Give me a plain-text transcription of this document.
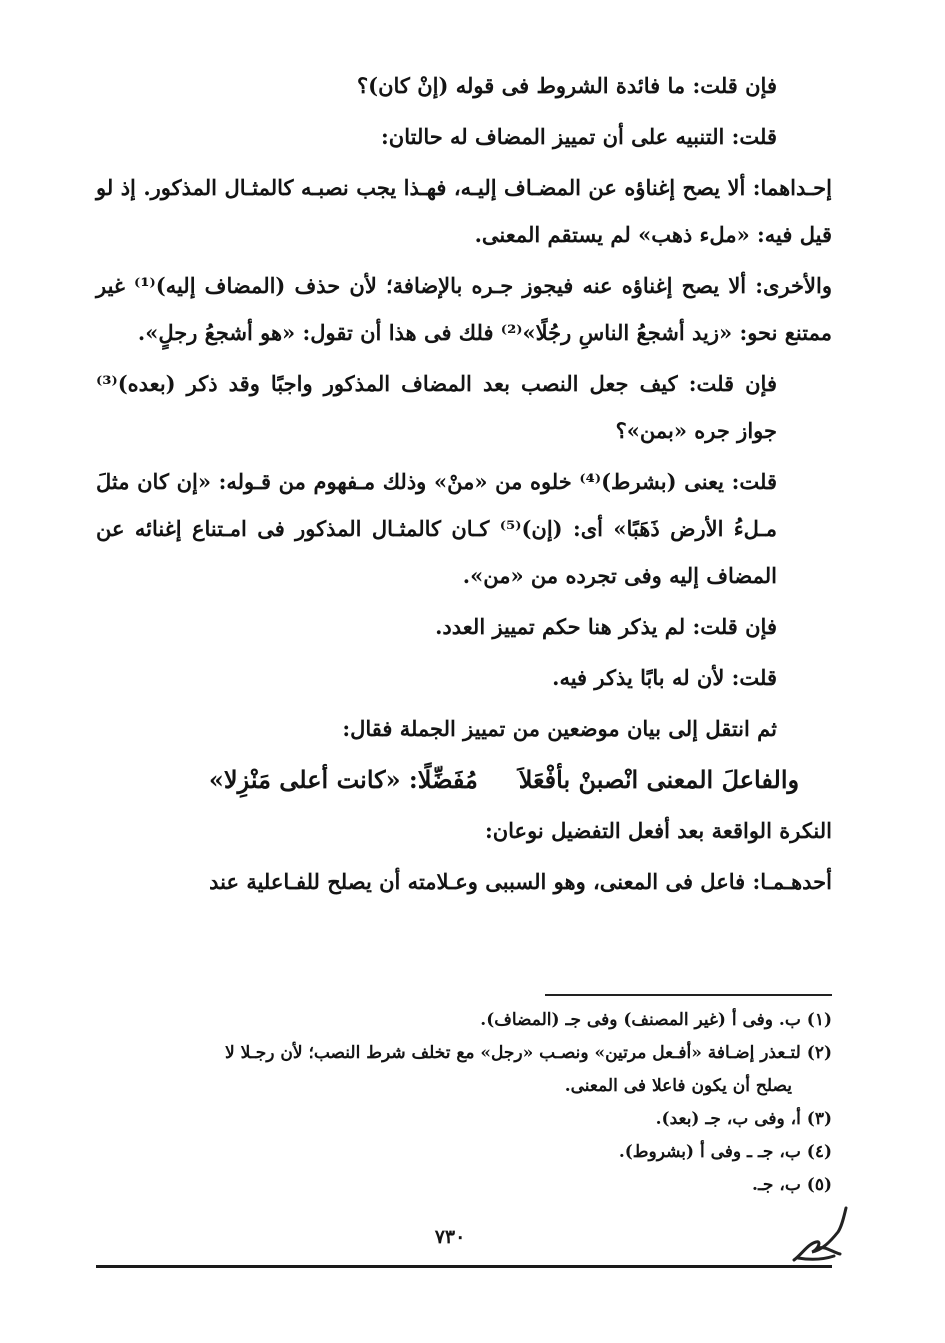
فإن قلت: ما فائدة الشروط فى قوله (إنْ كان)؟

قلت: التنبيه على أن تمييز المضاف له حالتان:

إحـداهما: ألا يصح إغناؤه عن المضـاف إليـه، فهـذا يجب نصبـه كالمثـال المذكور. إذ لو قيل فيه: «ملء ذهب» لم يستقم المعنى.

والأخرى: ألا يصح إغناؤه عنه فيجوز جـره بالإضافة؛ لأن حذف (المضاف إليه)⁽¹⁾ غير ممتنع نحو: «زيد أشجعُ الناسِ رجُلًا»⁽²⁾ فلك فى هذا أن تقول: «هو أشجعُ رجلٍ».

فإن قلت: كيف جعل النصب بعد المضاف المذكور واجبًا وقد ذكر (بعده)⁽³⁾ جواز جره «بمن»؟

قلت: يعنى (بشرط)⁽⁴⁾ خلوه من «منْ» وذلك مـفهوم من قـوله: «إن كان مثلَ مـلءُ الأرض ذَهَبًا» أى: (إن)⁽⁵⁾ كـان كالمثـال المذكور فى امـتناع إغنائه عن المضاف إليه وفى تجرده من «من».

فإن قلت: لم يذكر هنا حكم تمييز العدد.

قلت: لأن له بابًا يذكر فيه.

ثم انتقل إلى بيان موضعين من تمييز الجملة فقال:

والفاعلَ المعنى انْصبنْ بأفْعَلاَ مُفَضِّلًا: «كانت أعلى مَنْزِلا»

النكرة الواقعة بعد أفعل التفضيل نوعان:

أحدهـمـا: فاعل فى المعنى، وهو السببى وعـلامته أن يصلح للفـاعلية عند

(١) ب. وفى أ (غير المصنف) وفى جـ (المضاف).

(٢) لتـعذر إضـافة «أفـعل مرتين» ونصـب «رجل» مع تخلف شرط النصب؛ لأن رجـلا لا

يصلح أن يكون فاعلا فى المعنى.

(٣) أ، وفى ب، جـ (بعد).

(٤) ب، جـ ـ وفى أ (بشروط).

(٥) ب، جـ.

٧٣٠
